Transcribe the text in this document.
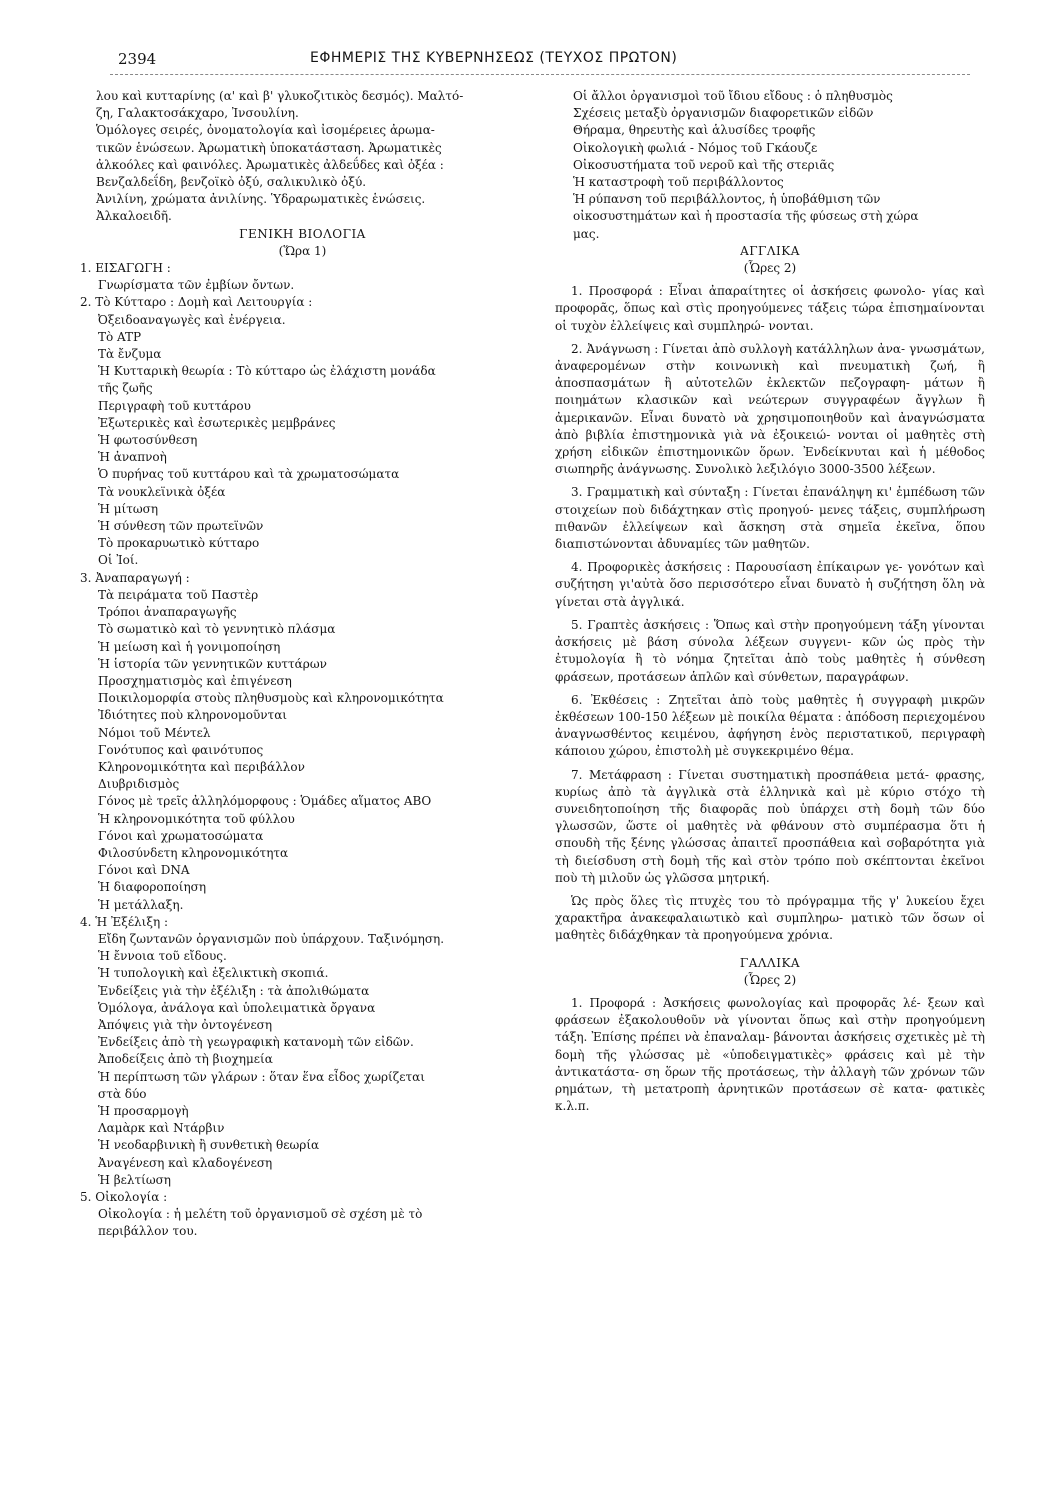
2394	ΕΦΗΜΕΡΙΣ ΤΗΣ ΚΥΒΕΡΝΗΣΕΩΣ (ΤΕΥΧΟΣ ΠΡΩΤΟΝ)

λου καὶ κυτταρίνης (α' καὶ β' γλυκοζιτικὸς δεσμός). Μαλτό-

ζη, Γαλακτοσάκχαρο, Ἰνσουλίνη.

Ὁμόλογες σειρές, ὀνοματολογία καὶ ἰσομέρειες ἀρωμα-

τικῶν ἑνώσεων. Ἀρωματικὴ ὑποκατάσταση. Ἀρωματικὲς

ἀλκοόλες καὶ φαινόλες. Ἀρωματικὲς ἀλδεΰδες καὶ ὀξέα :

Βενζαλδεΐδη, βενζοϊκὸ ὀξύ, σαλικυλικὸ ὀξύ.

Ἀνιλίνη, χρώματα ἀνιλίνης. Ὑδραρωματικὲς ἑνώσεις.

Ἀλκαλοειδῆ.

ΓΕΝΙΚΗ ΒΙΟΛΟΓΙΑ

(Ὥρα 1)

1. ΕΙΣΑΓΩΓΗ :

Γνωρίσματα τῶν ἐμβίων ὄντων.

2. Τὸ Κύτταρο : Δομὴ καὶ Λειτουργία :

Ὀξειδοαναγωγὲς καὶ ἐνέργεια.

Τὸ ATP

Τὰ ἔνζυμα

Ἡ Κυτταρικὴ θεωρία : Τὸ κύτταρο ὡς ἐλάχιστη μονάδα

τῆς ζωῆς

Περιγραφὴ τοῦ κυττάρου

Ἐξωτερικὲς καὶ ἐσωτερικὲς μεμβράνες

Ἡ φωτοσύνθεση

Ἡ ἀναπνοὴ

Ὁ πυρήνας τοῦ κυττάρου καὶ τὰ χρωματοσώματα

Τὰ νουκλεϊνικὰ ὀξέα

Ἡ μίτωση

Ἡ σύνθεση τῶν πρωτεϊνῶν

Τὸ προκαρυωτικὸ κύτταρο

Οἱ Ἰοί.

3. Ἀναπαραγωγή :

Τὰ πειράματα τοῦ Παστὲρ

Τρόποι ἀναπαραγωγῆς

Τὸ σωματικὸ καὶ τὸ γεννητικὸ πλάσμα

Ἡ μείωση καὶ ἡ γονιμοποίηση

Ἡ ἱστορία τῶν γεννητικῶν κυττάρων

Προσχηματισμὸς καὶ ἐπιγένεση

Ποικιλομορφία στοὺς πληθυσμοὺς καὶ κληρονομικότητα

Ἰδιότητες ποὺ κληρονομοῦνται

Νόμοι τοῦ Μέντελ

Γονότυπος καὶ φαινότυπος

Κληρονομικότητα καὶ περιβάλλον

Διυβριδισμὸς

Γόνος μὲ τρεῖς ἀλληλόμορφους : Ὁμάδες αἵματος ΑΒΟ

Ἡ κληρονομικότητα τοῦ φύλλου

Γόνοι καὶ χρωματοσώματα

Φιλοσύνδετη κληρονομικότητα

Γόνοι καὶ DNA

Ἡ διαφοροποίηση

Ἡ μετάλλαξη.

4. Ἡ Ἐξέλιξη :

Εἴδη ζωντανῶν ὀργανισμῶν ποὺ ὑπάρχουν. Ταξινόμηση.

Ἡ ἔννοια τοῦ εἴδους.

Ἡ τυπολογικὴ καὶ ἐξελικτικὴ σκοπιά.

Ἐνδείξεις γιὰ τὴν ἐξέλιξη : τὰ ἀπολιθώματα

Ὁμόλογα, ἀνάλογα καὶ ὑπολειματικὰ ὄργανα

Ἀπόψεις γιὰ τὴν ὀντογένεση

Ἐνδείξεις ἀπὸ τὴ γεωγραφικὴ κατανομὴ τῶν εἰδῶν.

Ἀποδείξεις ἀπὸ τὴ βιοχημεία

Ἡ περίπτωση τῶν γλάρων : ὅταν ἕνα εἶδος χωρίζεται

στὰ δύο

Ἡ προσαρμογὴ

Λαμὰρκ καὶ Ντάρβιν

Ἡ νεοδαρβινικὴ ἢ συνθετικὴ θεωρία

Ἀναγένεση καὶ κλαδογένεση

Ἡ βελτίωση

5. Οἰκολογία :

Οἰκολογία : ἡ μελέτη τοῦ ὀργανισμοῦ σὲ σχέση μὲ τὸ

περιβάλλον του.

Οἱ ἄλλοι ὀργανισμοὶ τοῦ ἴδιου εἴδους : ὁ πληθυσμὸς

Σχέσεις μεταξὺ ὀργανισμῶν διαφορετικῶν εἰδῶν

Θήραμα, θηρευτὴς καὶ ἁλυσίδες τροφῆς

Οἰκολογικὴ φωλιά - Νόμος τοῦ Γκάουζε

Οἰκοσυστήματα τοῦ νεροῦ καὶ τῆς στεριᾶς

Ἡ καταστροφὴ τοῦ περιβάλλοντος

Ἡ ρύπανση τοῦ περιβάλλοντος, ἡ ὑποβάθμιση τῶν

οἰκοσυστημάτων καὶ ἡ προστασία τῆς φύσεως στὴ χώρα

μας.

ΑΓΓΛΙΚΑ

(Ὧρες 2)

1. Προσφορά : Εἶναι ἀπαραίτητες οἱ ἀσκήσεις φωνολο- γίας καὶ προφορᾶς, ὅπως καὶ στὶς προηγούμενες τάξεις τώρα ἐπισημαίνονται οἱ τυχὸν ἐλλείψεις καὶ συμπληρώ- νονται.

2. Ἀνάγνωση : Γίνεται ἀπὸ συλλογὴ κατάλληλων ἀνα- γνωσμάτων, ἀναφερομένων στὴν κοινωνικὴ καὶ πνευματικὴ ζωή, ἢ ἀποσπασμάτων ἢ αὐτοτελῶν ἐκλεκτῶν πεζογραφη- μάτων ἢ ποιημάτων κλασικῶν καὶ νεώτερων συγγραφέων ἄγγλων ἢ ἀμερικανῶν. Εἶναι δυνατὸ νὰ χρησιμοποιηθοῦν καὶ ἀναγνώσματα ἀπὸ βιβλία ἐπιστημονικὰ γιὰ νὰ ἐξοικειώ- νονται οἱ μαθητὲς στὴ χρήση εἰδικῶν ἐπιστημονικῶν ὅρων. Ἐνδείκνυται καὶ ἡ μέθοδος σιωπηρῆς ἀνάγνωσης. Συνολικὸ λεξιλόγιο 3000-3500 λέξεων.

3. Γραμματικὴ καὶ σύνταξη : Γίνεται ἐπανάληψη κι' ἐμπέδωση τῶν στοιχείων ποὺ διδάχτηκαν στὶς προηγού- μενες τάξεις, συμπλήρωση πιθανῶν ἐλλείψεων καὶ ἄσκηση στὰ σημεῖα ἐκεῖνα, ὅπου διαπιστώνονται ἀδυναμίες τῶν μαθητῶν.

4. Προφορικὲς ἀσκήσεις : Παρουσίαση ἐπίκαιρων γε- γονότων καὶ συζήτηση γι'αὐτὰ ὅσο περισσότερο εἶναι δυνατὸ ἡ συζήτηση ὅλη νὰ γίνεται στὰ ἀγγλικά.

5. Γραπτὲς ἀσκήσεις : Ὅπως καὶ στὴν προηγούμενη τάξη γίνονται ἀσκήσεις μὲ βάση σύνολα λέξεων συγγενι- κῶν ὡς πρὸς τὴν ἐτυμολογία ἢ τὸ νόημα ζητεῖται ἀπὸ τοὺς μαθητὲς ἡ σύνθεση φράσεων, προτάσεων ἁπλῶν καὶ σύνθετων, παραγράφων.

6. Ἐκθέσεις : Ζητεῖται ἀπὸ τοὺς μαθητὲς ἡ συγγραφὴ μικρῶν ἐκθέσεων 100-150 λέξεων μὲ ποικίλα θέματα : ἀπόδοση περιεχομένου ἀναγνωσθέντος κειμένου, ἀφήγηση ἑνὸς περιστατικοῦ, περιγραφὴ κάποιου χώρου, ἐπιστολὴ μὲ συγκεκριμένο θέμα.

7. Μετάφραση : Γίνεται συστηματικὴ προσπάθεια μετά- φρασης, κυρίως ἀπὸ τὰ ἀγγλικὰ στὰ ἑλληνικὰ καὶ μὲ κύριο στόχο τὴ συνειδητοποίηση τῆς διαφορᾶς ποὺ ὑπάρχει στὴ δομὴ τῶν δύο γλωσσῶν, ὥστε οἱ μαθητὲς νὰ φθάνουν στὸ συμπέρασμα ὅτι ἡ σπουδὴ τῆς ξένης γλώσσας ἀπαιτεῖ προσπάθεια καὶ σοβαρότητα γιὰ τὴ διείσδυση στὴ δομὴ τῆς καὶ στὸν τρόπο ποὺ σκέπτονται ἐκεῖνοι ποὺ τὴ μιλοῦν ὡς γλῶσσα μητρική.

Ὡς πρὸς ὅλες τὶς πτυχὲς του τὸ πρόγραμμα τῆς γ' λυκείου ἔχει χαρακτῆρα ἀνακεφαλαιωτικὸ καὶ συμπληρω- ματικὸ τῶν ὅσων οἱ μαθητὲς διδάχθηκαν τὰ προηγούμενα χρόνια.

ΓΑΛΛΙΚΑ

(Ὧρες 2)

1. Προφορά : Ἀσκήσεις φωνολογίας καὶ προφορᾶς λέ- ξεων καὶ φράσεων ἐξακολουθοῦν νὰ γίνονται ὅπως καὶ στὴν προηγούμενη τάξη. Ἐπίσης πρέπει νὰ ἐπαναλαμ- βάνονται ἀσκήσεις σχετικὲς μὲ τὴ δομὴ τῆς γλώσσας μὲ «ὑποδειγματικὲς» φράσεις καὶ μὲ τὴν ἀντικατάστα- ση ὅρων τῆς προτάσεως, τὴν ἀλλαγὴ τῶν χρόνων τῶν ρημάτων, τὴ μετατροπὴ ἀρνητικῶν προτάσεων σὲ κατα- φατικὲς κ.λ.π.
